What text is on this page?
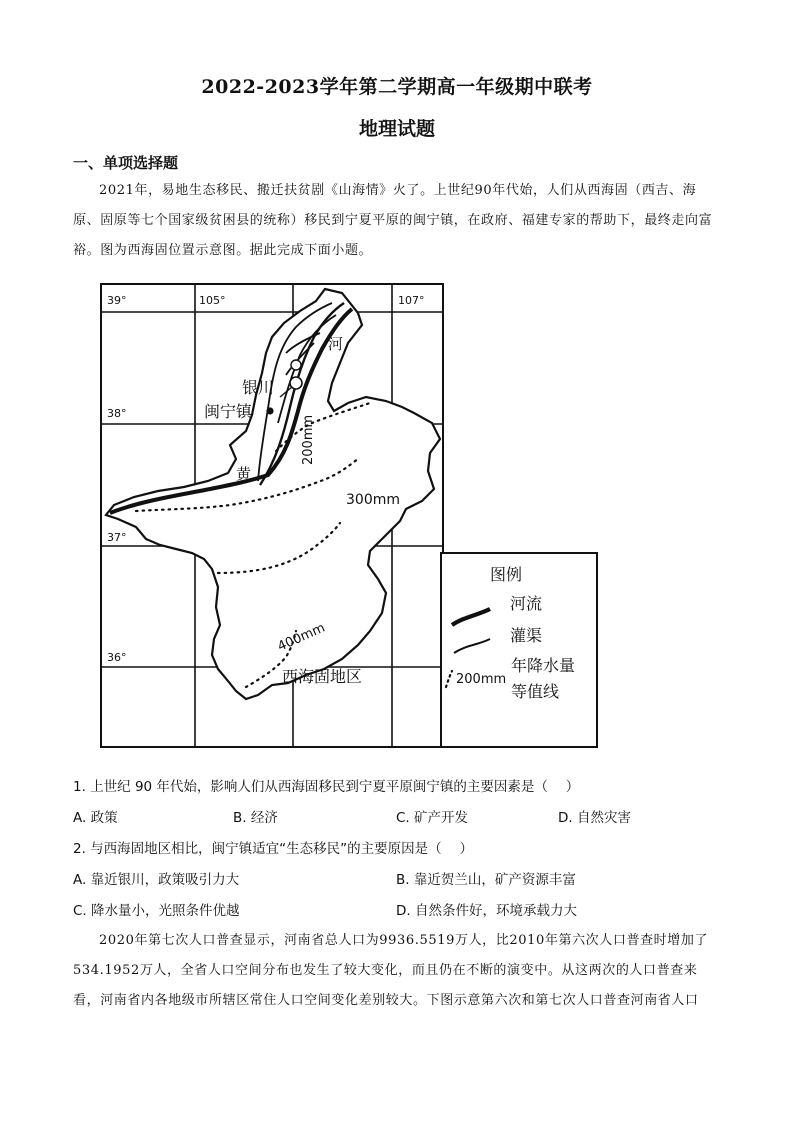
2022-2023学年第二学期高一年级期中联考
地理试题
一、单项选择题
2021年，易地生态移民、搬迁扶贫剧《山海情》火了。上世纪90年代始，人们从西海固（西吉、海原、固原等七个国家级贫困县的统称）移民到宁夏平原的闽宁镇，在政府、福建专家的帮助下，最终走向富裕。图为西海固位置示意图。据此完成下面小题。
39°	105°	107°
38°
37°
36°
银川
闽宁镇
西海固地区
河
黄
200mm
300mm
400mm
图例
河流
灌渠
年降水量
200mm
等值线
1. 上世纪 90 年代始，影响人们从西海固移民到宁夏平原闽宁镇的主要因素是（　 ）
A. 政策	B. 经济	C. 矿产开发	D. 自然灾害
2. 与西海固地区相比，闽宁镇适宜“生态移民”的主要原因是（　 ）
A. 靠近银川，政策吸引力大	B. 靠近贺兰山，矿产资源丰富
C. 降水量小，光照条件优越	D. 自然条件好，环境承载力大
2020年第七次人口普查显示，河南省总人口为9936.5519万人，比2010年第六次人口普查时增加了534.1952万人，全省人口空间分布也发生了较大变化，而且仍在不断的演变中。从这两次的人口普查来看，河南省内各地级市所辖区常住人口空间变化差别较大。下图示意第六次和第七次人口普查河南省人口
